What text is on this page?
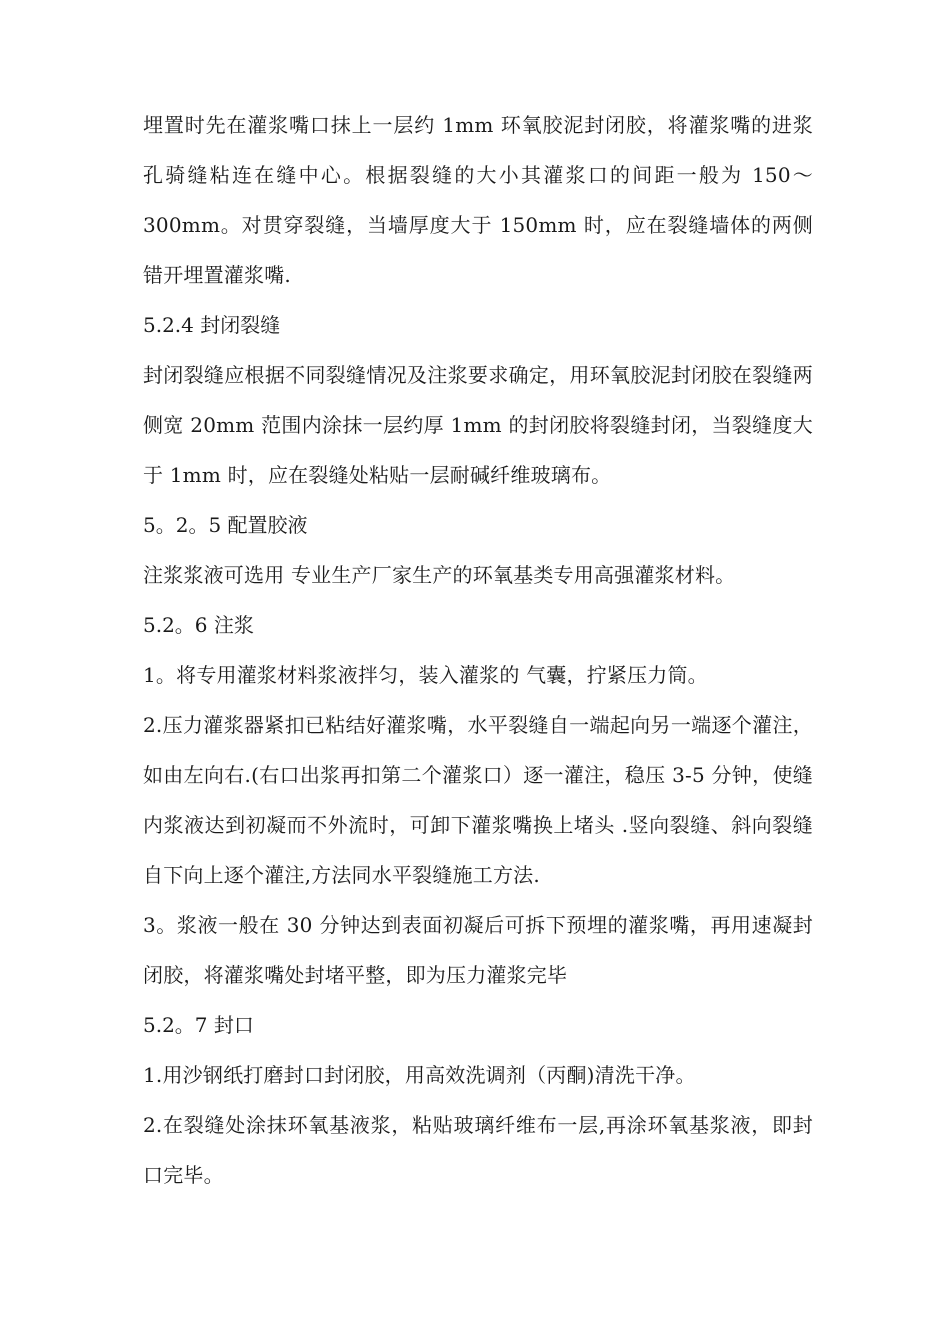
埋置时先在灌浆嘴口抹上一层约 1mm 环氧胶泥封闭胶，将灌浆嘴的进浆孔骑缝粘连在缝中心。根据裂缝的大小其灌浆口的间距一般为 150～300mm。对贯穿裂缝，当墙厚度大于 150mm 时，应在裂缝墙体的两侧错开埋置灌浆嘴.

5.2.4 封闭裂缝

封闭裂缝应根据不同裂缝情况及注浆要求确定，用环氧胶泥封闭胶在裂缝两侧宽 20mm 范围内涂抹一层约厚 1mm 的封闭胶将裂缝封闭，当裂缝度大于 1mm 时，应在裂缝处粘贴一层耐碱纤维玻璃布。

5。2。5 配置胶液

注浆浆液可选用 专业生产厂家生产的环氧基类专用高强灌浆材料。

5.2。6 注浆

1。将专用灌浆材料浆液拌匀，装入灌浆的 气囊，拧紧压力筒。

2.压力灌浆器紧扣已粘结好灌浆嘴，水平裂缝自一端起向另一端逐个灌注，如由左向右.(右口出浆再扣第二个灌浆口）逐一灌注，稳压 3-5 分钟，使缝内浆液达到初凝而不外流时，可卸下灌浆嘴换上堵头 .竖向裂缝、斜向裂缝自下向上逐个灌注,方法同水平裂缝施工方法.

3。浆液一般在 30 分钟达到表面初凝后可拆下预埋的灌浆嘴，再用速凝封闭胶，将灌浆嘴处封堵平整，即为压力灌浆完毕

5.2。7 封口

1.用沙钢纸打磨封口封闭胶，用高效洗调剂（丙酮)清洗干净。

2.在裂缝处涂抹环氧基液浆，粘贴玻璃纤维布一层,再涂环氧基浆液，即封口完毕。
